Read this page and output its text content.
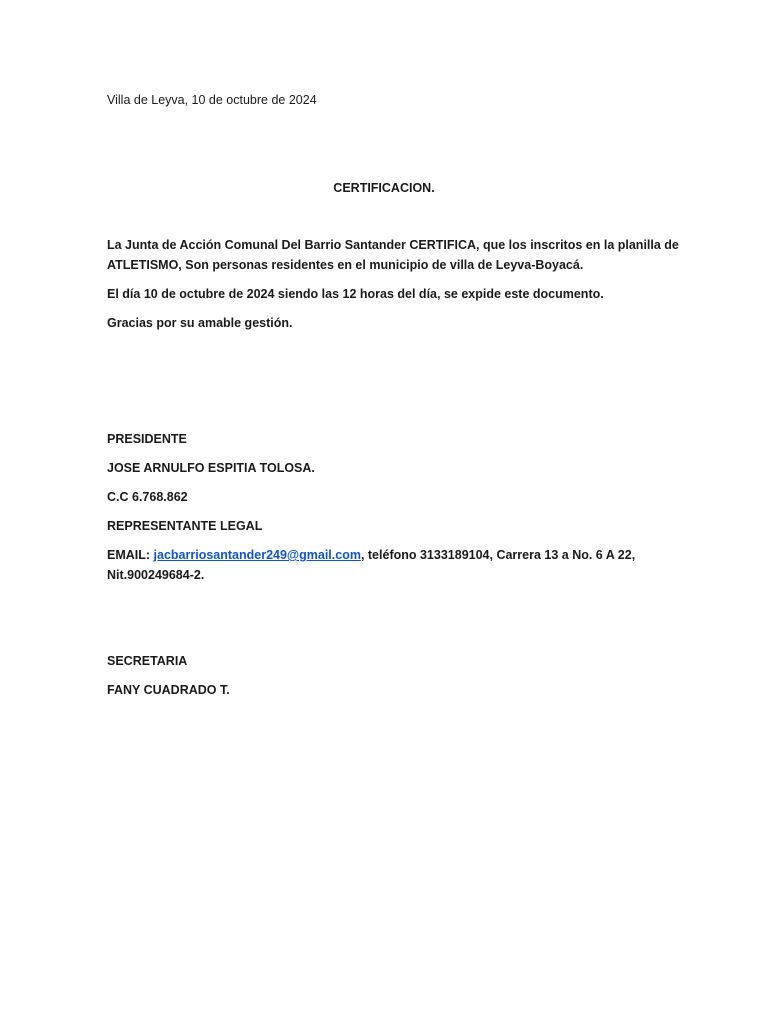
Villa de Leyva, 10 de octubre de 2024
CERTIFICACION.
La Junta de Acción Comunal Del Barrio Santander CERTIFICA, que los inscritos en la planilla de
ATLETISMO, Son personas residentes en el municipio de villa de Leyva-Boyacá.
El día 10 de octubre de 2024 siendo las 12 horas del día, se expide este documento.
Gracias por su amable gestión.
PRESIDENTE
JOSE ARNULFO ESPITIA TOLOSA.
C.C 6.768.862
REPRESENTANTE LEGAL
EMAIL: jacbarriosantander249@gmail.com, teléfono 3133189104, Carrera 13 a No. 6 A 22,
Nit.900249684-2.
SECRETARIA
FANY CUADRADO T.
